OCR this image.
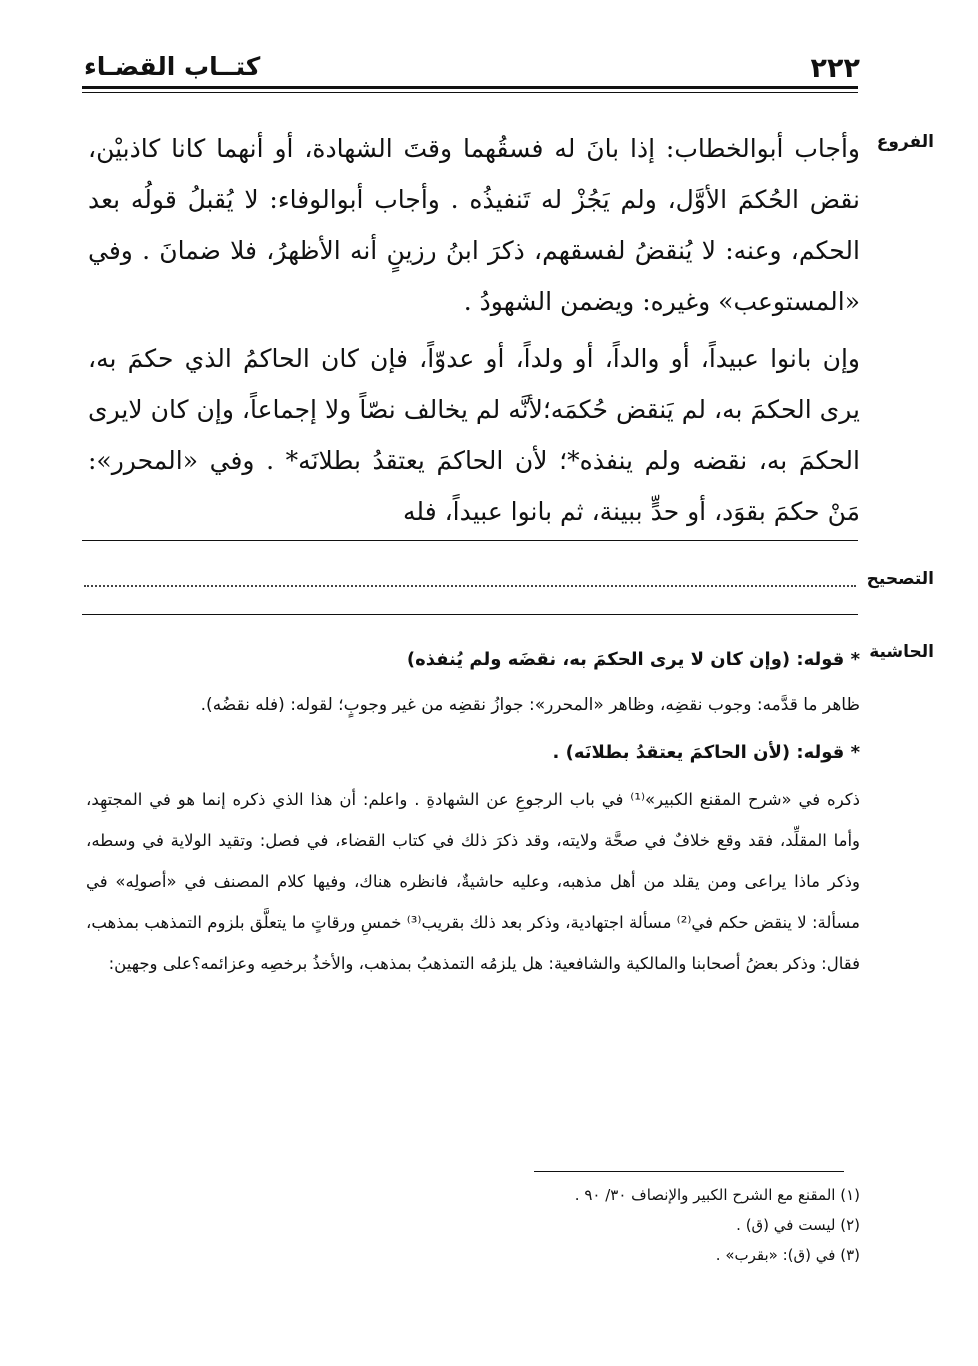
٢٢٢
كتــاب القضـاء
الفروع

وأجاب أبوالخطاب: إذا بانَ له فسقُهما وقتَ الشهادة، أو أنهما كانا كاذبيْن، نقض الحُكمَ الأوَّل، ولم يَجُزْ له تَنفيذُه . وأجاب أبوالوفاء: لا يُقبلُ قولُه بعد الحكم، وعنه: لا يُنقضُ لفسقهم، ذكرَ ابنُ رزينٍ أنه الأظهرُ، فلا ضمانَ . وفي «المستوعب» وغيره: ويضمن الشهودُ .

وإن بانوا عبيداً، أو والداً، أو ولداً، أو عدوّاً، فإن كان الحاكمُ الذي حكمَ به، يرى الحكمَ به، لم يَنقض حُكمَه؛لأنَّه لم يخالف نصّاً ولا إجماعاً، وإن كان لايرى الحكمَ به، نقضه ولم ينفذه*؛ لأن الحاكمَ يعتقدُ بطلانَه* . وفي «المحرر»: مَنْ حكمَ بقوَد، أو حدٍّ ببينة، ثم بانوا عبيداً، فله

التصحيح
الحاشية

* قوله: (وإن كان لا يرى الحكمَ به، نقضَه ولم يُنفذه)

ظاهر ما قدَّمه: وجوب نقضِه، وظاهر «المحرر»: جوازُ نقضِه من غير وجوبٍ؛ لقوله: (فله نقضُه).

* قوله: (لأن الحاكمَ يعتقدُ بطلانَه) .

ذكره في «شرح المقنع الكبير»⁽¹⁾ في باب الرجوعِ عن الشهادةِ . واعلم: أن هذا الذي ذكره إنما هو في المجتهِد، وأما المقلِّد، فقد وقع خلافٌ في صحَّة ولايته، وقد ذكرَ ذلك في كتاب القضاء، في فصل: وتقيد الولاية في وسطه، وذكر ماذا يراعى ومن يقلد من أهل مذهبه، وعليه حاشيةٌ، فانظره هناك، وفيها كلام المصنف في «أصولِه» في مسألة: لا ينقض حكم في⁽²⁾ مسألة اجتهادية، وذكر بعد ذلك بقريب⁽³⁾ خمسِ ورقاتٍ ما يتعلَّق بلزوم التمذهب بمذهب، فقال: وذكر بعضُ أصحابنا والمالكية والشافعية: هل يلزمُه التمذهبُ بمذهب، والأخذُ برخصِه وعزائمه؟على وجهين:

(١) المقنع مع الشرح الكبير والإنصاف ٣٠/ ٩٠ .
(٢) ليست في (ق) .
(٣) في (ق): «بقرب» .
